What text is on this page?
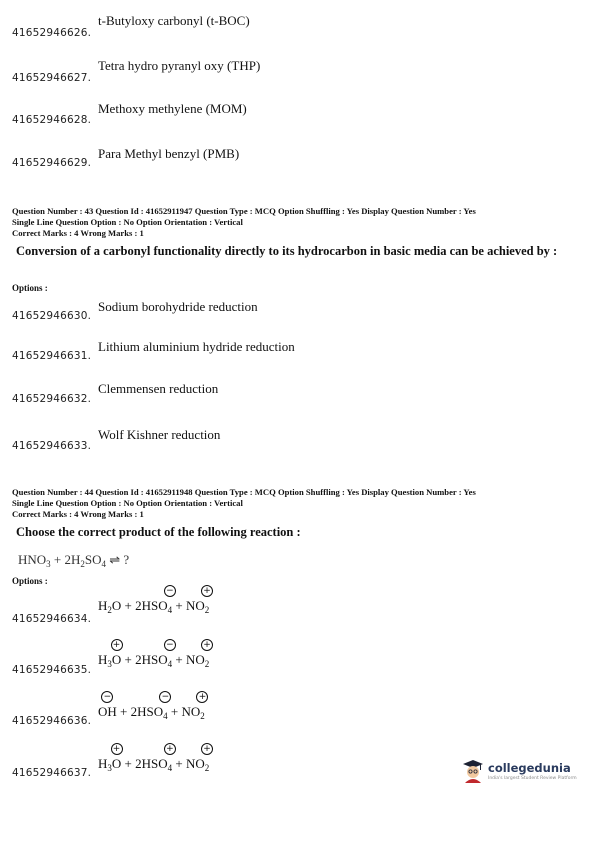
41652946626.
t-Butyloxy carbonyl (t-BOC)
41652946627.
Tetra hydro pyranyl oxy (THP)
41652946628.
Methoxy methylene (MOM)
41652946629.
Para Methyl benzyl (PMB)
Question Number : 43 Question Id : 41652911947 Question Type : MCQ Option Shuffling : Yes Display Question Number : Yes
Single Line Question Option : No Option Orientation : Vertical
Correct Marks : 4 Wrong Marks : 1
Conversion of a carbonyl functionality directly to its hydrocarbon in basic media can be achieved by :
Options :
41652946630.
Sodium borohydride reduction
41652946631.
Lithium aluminium hydride reduction
41652946632.
Clemmensen reduction
41652946633.
Wolf Kishner reduction
Question Number : 44 Question Id : 41652911948 Question Type : MCQ Option Shuffling : Yes Display Question Number : Yes
Single Line Question Option : No Option Orientation : Vertical
Correct Marks : 4 Wrong Marks : 1
Choose the correct product of the following reaction :
$HNO_3 + 2H_2SO_4$ ⇌ ?
Options :
41652946634.
$H_2O + 2HSO_4$
−
+ $NO_2$
+
41652946635.
$H_3O$
+
+ $2HSO_4$
−
+ $NO_2$
+
41652946636.
OH
−
+ $2HSO_4$
−
+ $NO_2$
+
41652946637.
$H_3O$
+
+ $2HSO_4$
+
+ $NO_2$
+
collegedunia
India's largest Student Review Platform
